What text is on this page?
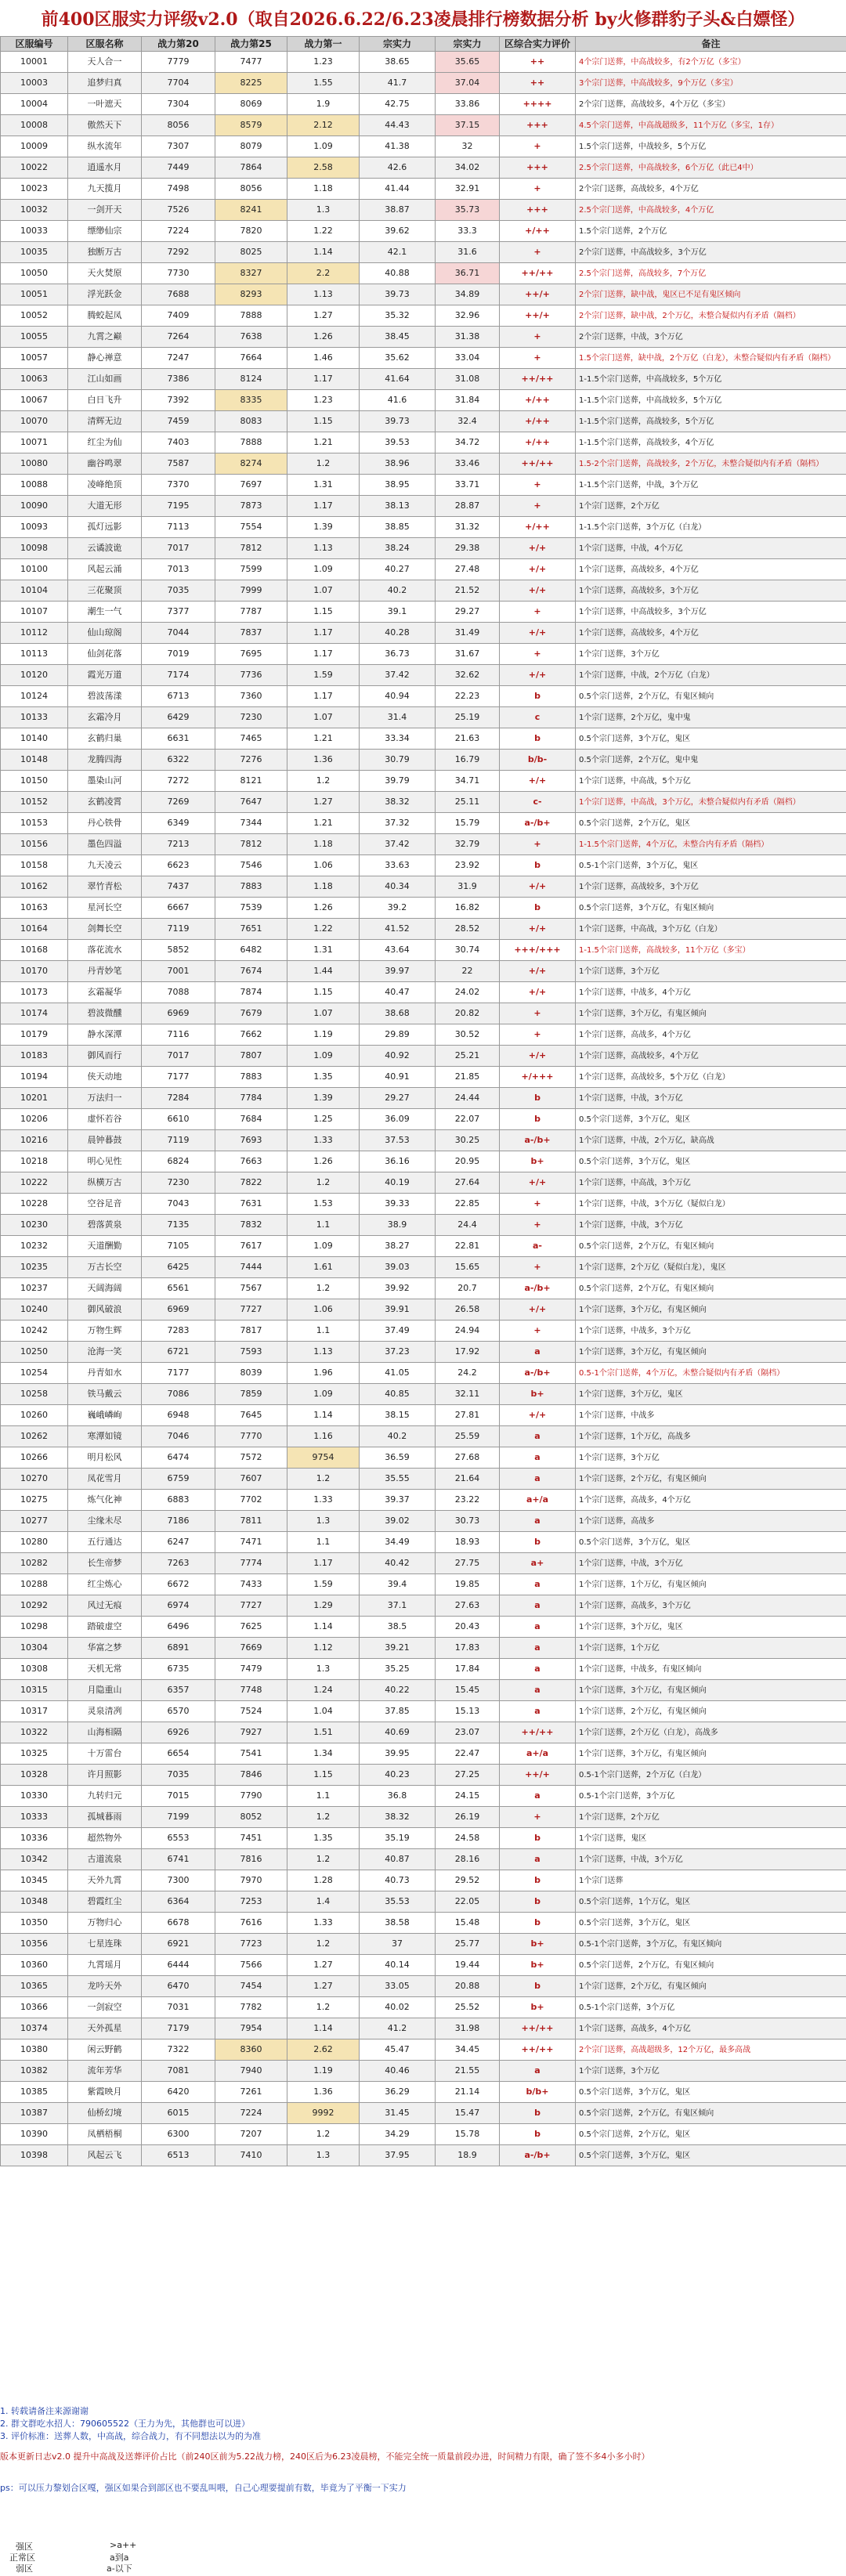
前400区服实力评级v2.0（取自2026.6.22/6.23凌晨排行榜数据分析 by火修群豹子头&白嫖怪）
区服编号	区服名称	战力第20	战力第25	战力第一	宗实力	宗实力	区综合实力评价	备注
10001	天人合一	7779	7477	1.23	38.65	35.65	++	4个宗门送葬，中高战较多，有2个万亿（多宝）
10003	追梦归真	7704	8225	1.55	41.7	37.04	++	3个宗门送葬，中高战较多，9个万亿（多宝）
10004	一叶遮天	7304	8069	1.9	42.75	33.86	++++	2个宗门送葬，高战较多，4个万亿（多宝）
10008	傲然天下	8056	8579	2.12	44.43	37.15	+++	4.5个宗门送葬，中高战超级多，11个万亿（多宝，1存）
10009	纵水流年	7307	8079	1.09	41.38	32	+	1.5个宗门送葬，中战较多，5个万亿
10022	逍遥水月	7449	7864	2.58	42.6	34.02	+++	2.5个宗门送葬，中高战较多，6个万亿（此已4中）
10023	九天揽月	7498	8056	1.18	41.44	32.91	+	2个宗门送葬，高战较多，4个万亿
10032	一剑开天	7526	8241	1.3	38.87	35.73	+++	2.5个宗门送葬，中高战较多，4个万亿
10033	缥缈仙宗	7224	7820	1.22	39.62	33.3	+/++	1.5个宗门送葬，2个万亿
10035	独断万古	7292	8025	1.14	42.1	31.6	+	2个宗门送葬，中高战较多，3个万亿
10050	天火焚原	7730	8327	2.2	40.88	36.71	++/++	2.5个宗门送葬，高战较多，7个万亿
10051	浮光跃金	7688	8293	1.13	39.73	34.89	++/+	2个宗门送葬，缺中战，鬼区已不足有鬼区倾向
10052	腾蛟起凤	7409	7888	1.27	35.32	32.96	++/+	2个宗门送葬，缺中战，2个万亿，未整合疑似内有矛盾（隔档）
10055	九霄之巅	7264	7638	1.26	38.45	31.38	+	2个宗门送葬，中战，3个万亿
10057	静心禅意	7247	7664	1.46	35.62	33.04	+	1.5个宗门送葬，缺中战，2个万亿（白龙），未整合疑似内有矛盾（隔档）
10063	江山如画	7386	8124	1.17	41.64	31.08	++/++	1-1.5个宗门送葬，中高战较多，5个万亿
10067	白日飞升	7392	8335	1.23	41.6	31.84	+/++	1-1.5个宗门送葬，中高战较多，5个万亿
10070	清辉无边	7459	8083	1.15	39.73	32.4	+/++	1-1.5个宗门送葬，高战较多，5个万亿
10071	红尘为仙	7403	7888	1.21	39.53	34.72	+/++	1-1.5个宗门送葬，高战较多，4个万亿
10080	幽谷鸣翠	7587	8274	1.2	38.96	33.46	++/++	1.5-2个宗门送葬，高战较多，2个万亿，未整合疑似内有矛盾（隔档）
10088	凌峰绝顶	7370	7697	1.31	38.95	33.71	+	1-1.5个宗门送葬，中战，3个万亿
10090	大道无形	7195	7873	1.17	38.13	28.87	+	1个宗门送葬，2个万亿
10093	孤灯远影	7113	7554	1.39	38.85	31.32	+/++	1-1.5个宗门送葬，3个万亿（白龙）
10098	云谲波诡	7017	7812	1.13	38.24	29.38	+/+	1个宗门送葬，中战，4个万亿
10100	风起云涌	7013	7599	1.09	40.27	27.48	+/+	1个宗门送葬，高战较多，4个万亿
10104	三花聚顶	7035	7999	1.07	40.2	21.52	+/+	1个宗门送葬，高战较多，3个万亿
10107	潮生一气	7377	7787	1.15	39.1	29.27	+	1个宗门送葬，中高战较多，3个万亿
10112	仙山琼阁	7044	7837	1.17	40.28	31.49	+/+	1个宗门送葬，高战较多，4个万亿
10113	仙剑花落	7019	7695	1.17	36.73	31.67	+	1个宗门送葬，3个万亿
10120	霞光万道	7174	7736	1.59	37.42	32.62	+/+	1个宗门送葬，中战，2个万亿（白龙）
10124	碧波荡漾	6713	7360	1.17	40.94	22.23	b	0.5个宗门送葬，2个万亿，有鬼区倾向
10133	玄霜冷月	6429	7230	1.07	31.4	25.19	c	1个宗门送葬，2个万亿，鬼中鬼
10140	玄鹤归巢	6631	7465	1.21	33.34	21.63	b	0.5个宗门送葬，3个万亿，鬼区
10148	龙腾四海	6322	7276	1.36	30.79	16.79	b/b-	0.5个宗门送葬，2个万亿，鬼中鬼
10150	墨染山河	7272	8121	1.2	39.79	34.71	+/+	1个宗门送葬，中高战，5个万亿
10152	玄鹤凌霄	7269	7647	1.27	38.32	25.11	c-	1个宗门送葬，中高战，3个万亿，未整合疑似内有矛盾（隔档）
10153	丹心铁骨	6349	7344	1.21	37.32	15.79	a-/b+	0.5个宗门送葬，2个万亿，鬼区
10156	墨色四溢	7213	7812	1.18	37.42	32.79	+	1-1.5个宗门送葬，4个万亿，未整合内有矛盾（隔档）
10158	九天凌云	6623	7546	1.06	33.63	23.92	b	0.5-1个宗门送葬，3个万亿，鬼区
10162	翠竹青松	7437	7883	1.18	40.34	31.9	+/+	1个宗门送葬，高战较多，3个万亿
10163	星河长空	6667	7539	1.26	39.2	16.82	b	0.5个宗门送葬，3个万亿，有鬼区倾向
10164	剑舞长空	7119	7651	1.22	41.52	28.52	+/+	1个宗门送葬，中高战，3个万亿（白龙）
10168	落花流水	5852	6482	1.31	43.64	30.74	+++/+++	1-1.5个宗门送葬，高战较多，11个万亿（多宝）
10170	丹青妙笔	7001	7674	1.44	39.97	22	+/+	1个宗门送葬，3个万亿
10173	玄霜凝华	7088	7874	1.15	40.47	24.02	+/+	1个宗门送葬，中战多，4个万亿
10174	碧波微醺	6969	7679	1.07	38.68	20.82	+	1个宗门送葬，3个万亿，有鬼区倾向
10179	静水深潭	7116	7662	1.19	29.89	30.52	+	1个宗门送葬，高战多，4个万亿
10183	御风而行	7017	7807	1.09	40.92	25.21	+/+	1个宗门送葬，高战较多，4个万亿
10194	侠天动地	7177	7883	1.35	40.91	21.85	+/+++	1个宗门送葬，高战较多，5个万亿（白龙）
10201	万法归一	7284	7784	1.39	29.27	24.44	b	1个宗门送葬，中战，3个万亿
10206	虚怀若谷	6610	7684	1.25	36.09	22.07	b	0.5个宗门送葬，3个万亿，鬼区
10216	晨钟暮鼓	7119	7693	1.33	37.53	30.25	a-/b+	1个宗门送葬，中战，2个万亿，缺高战
10218	明心见性	6824	7663	1.26	36.16	20.95	b+	0.5个宗门送葬，3个万亿，鬼区
10222	纵横万古	7230	7822	1.2	40.19	27.64	+/+	1个宗门送葬，中高战，3个万亿
10228	空谷足音	7043	7631	1.53	39.33	22.85	+	1个宗门送葬，中战，3个万亿（疑似白龙）
10230	碧落黄泉	7135	7832	1.1	38.9	24.4	+	1个宗门送葬，中战，3个万亿
10232	天道酬勤	7105	7617	1.09	38.27	22.81	a-	0.5个宗门送葬，2个万亿，有鬼区倾向
10235	万古长空	6425	7444	1.61	39.03	15.65	+	1个宗门送葬，2个万亿（疑似白龙），鬼区
10237	天阔海阔	6561	7567	1.2	39.92	20.7	a-/b+	0.5个宗门送葬，2个万亿，有鬼区倾向
10240	御风破浪	6969	7727	1.06	39.91	26.58	+/+	1个宗门送葬，3个万亿，有鬼区倾向
10242	万物生辉	7283	7817	1.1	37.49	24.94	+	1个宗门送葬，中战多，3个万亿
10250	沧海一笑	6721	7593	1.13	37.23	17.92	a	1个宗门送葬，3个万亿，有鬼区倾向
10254	丹青如水	7177	8039	1.96	41.05	24.2	a-/b+	0.5-1个宗门送葬，4个万亿，未整合疑似内有矛盾（隔档）
10258	铁马戴云	7086	7859	1.09	40.85	32.11	b+	1个宗门送葬，3个万亿，鬼区
10260	巍峨嶙峋	6948	7645	1.14	38.15	27.81	+/+	1个宗门送葬，中战多
10262	寒潭如镜	7046	7770	1.16	40.2	25.59	a	1个宗门送葬，1个万亿，高战多
10266	明月松风	6474	7572	9754	36.59	27.68	a	1个宗门送葬，3个万亿
10270	凤花雪月	6759	7607	1.2	35.55	21.64	a	1个宗门送葬，2个万亿，有鬼区倾向
10275	炼气化神	6883	7702	1.33	39.37	23.22	a+/a	1个宗门送葬，高战多，4个万亿
10277	尘缘未尽	7186	7811	1.3	39.02	30.73	a	1个宗门送葬，高战多
10280	五行通达	6247	7471	1.1	34.49	18.93	b	0.5个宗门送葬，3个万亿，鬼区
10282	长生帝梦	7263	7774	1.17	40.42	27.75	a+	1个宗门送葬，中战，3个万亿
10288	红尘炼心	6672	7433	1.59	39.4	19.85	a	1个宗门送葬，1个万亿，有鬼区倾向
10292	风过无痕	6974	7727	1.29	37.1	27.63	a	1个宗门送葬，高战多，3个万亿
10298	踏破虚空	6496	7625	1.14	38.5	20.43	a	1个宗门送葬，3个万亿，鬼区
10304	华富之梦	6891	7669	1.12	39.21	17.83	a	1个宗门送葬，1个万亿
10308	天机无常	6735	7479	1.3	35.25	17.84	a	1个宗门送葬，中战多，有鬼区倾向
10315	月隐重山	6357	7748	1.24	40.22	15.45	a	1个宗门送葬，3个万亿，有鬼区倾向
10317	灵泉清冽	6570	7524	1.04	37.85	15.13	a	1个宗门送葬，2个万亿，有鬼区倾向
10322	山海相隔	6926	7927	1.51	40.69	23.07	++/++	1个宗门送葬，2个万亿（白龙），高战多
10325	十万雷台	6654	7541	1.34	39.95	22.47	a+/a	1个宗门送葬，3个万亿，有鬼区倾向
10328	许月照影	7035	7846	1.15	40.23	27.25	++/+	0.5-1个宗门送葬，2个万亿（白龙）
10330	九转归元	7015	7790	1.1	36.8	24.15	a	0.5-1个宗门送葬，3个万亿
10333	孤城暮雨	7199	8052	1.2	38.32	26.19	+	1个宗门送葬，2个万亿
10336	超然物外	6553	7451	1.35	35.19	24.58	b	1个宗门送葬，鬼区
10342	古道流泉	6741	7816	1.2	40.87	28.16	a	1个宗门送葬，中战，3个万亿
10345	天外九霄	7300	7970	1.28	40.73	29.52	b	1个宗门送葬
10348	碧霞红尘	6364	7253	1.4	35.53	22.05	b	0.5个宗门送葬，1个万亿，鬼区
10350	万物归心	6678	7616	1.33	38.58	15.48	b	0.5个宗门送葬，3个万亿，鬼区
10356	七星连珠	6921	7723	1.2	37	25.77	b+	0.5-1个宗门送葬，3个万亿，有鬼区倾向
10360	九霄瑶月	6444	7566	1.27	40.14	19.44	b+	0.5个宗门送葬，2个万亿，有鬼区倾向
10365	龙吟天外	6470	7454	1.27	33.05	20.88	b	1个宗门送葬，2个万亿，有鬼区倾向
10366	一剑寂空	7031	7782	1.2	40.02	25.52	b+	0.5-1个宗门送葬，3个万亿
10374	天外孤星	7179	7954	1.14	41.2	31.98	++/++	1个宗门送葬，高战多，4个万亿
10380	闲云野鹤	7322	8360	2.62	45.47	34.45	++/++	2个宗门送葬，高战超级多，12个万亿，最多高战
10382	流年芳华	7081	7940	1.19	40.46	21.55	a	1个宗门送葬，3个万亿
10385	紫霞映月	6420	7261	1.36	36.29	21.14	b/b+	0.5个宗门送葬，3个万亿，鬼区
10387	仙桥幻境	6015	7224	9992	31.45	15.47	b	0.5个宗门送葬，2个万亿，有鬼区倾向
10390	凤栖梧桐	6300	7207	1.2	34.29	15.78	b	0.5个宗门送葬，2个万亿，鬼区
10398	风起云飞	6513	7410	1.3	37.95	18.9	a-/b+	0.5个宗门送葬，3个万亿，鬼区
1. 转载请备注来源谢谢
2. 群文群吃水招人：790605522（王力为先，其他群也可以进）
3. 评价标准：送葬人数，中高战，综合战力，有不同想法以为的为准
版本更新日志v2.0 提升中高战及送葬评价占比（前240区前为5.22战力榜，240区后为6.23凌晨榜，不能完全统一质量前段办进，时间精力有限，确了签不多4小多小时）
ps：可以压力黎划合区嘎，强区如果合到部区也不要乱叫喂，自己心理要提前有数，毕竟为了平衡一下实力
强区	>a++
正常区	a到a
弱区	a-以下
